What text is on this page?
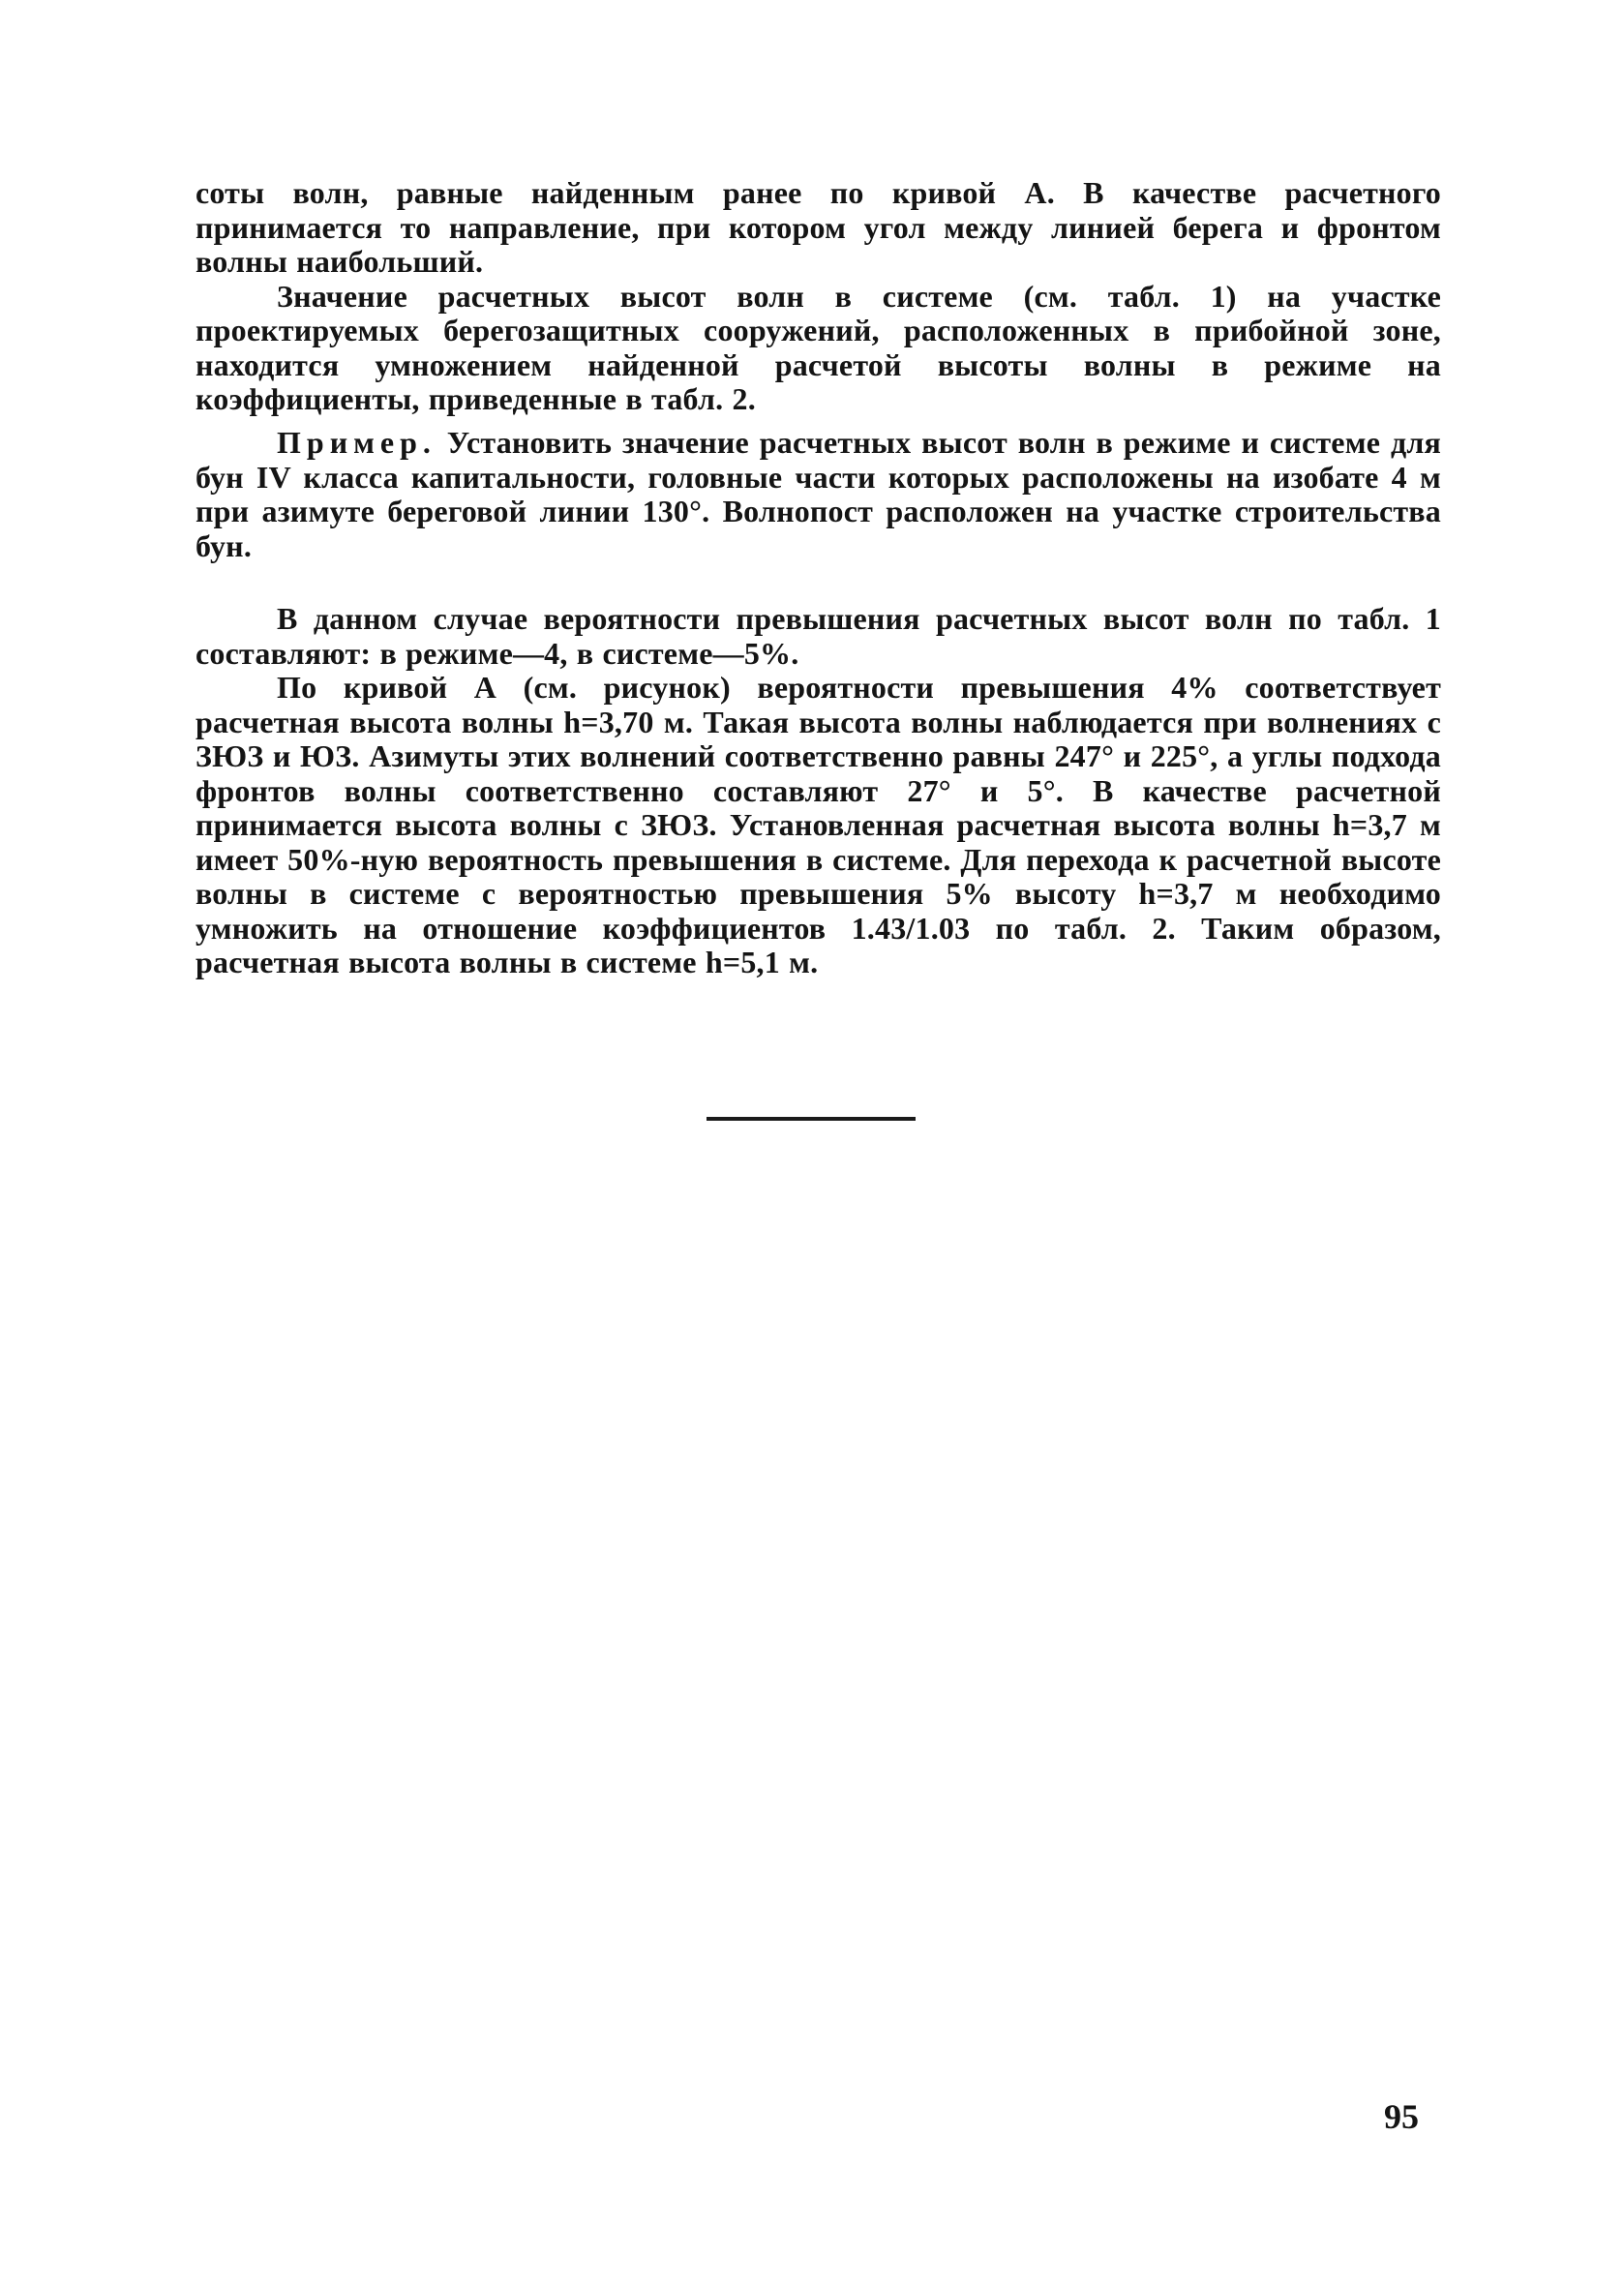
соты волн, равные найденным ранее по кривой А. В качестве расчетного принимается то направление, при котором угол между линией берега и фронтом волны наибольший.

Значение расчетных высот волн в системе (см. табл. 1) на участке проектируемых берегозащитных сооружений, расположенных в прибойной зоне, находится умножением найденной расчетой высоты волны в режиме на коэффициенты, приведенные в табл. 2.

Пример. Установить значение расчетных высот волн в режиме и системе для бун IV класса капитальности, головные части которых расположены на изобате 4 м при азимуте береговой линии 130°. Волнопост расположен на участке строительства бун.

В данном случае вероятности превышения расчетных высот волн по табл. 1 составляют: в режиме—4, в системе—5%.

По кривой А (см. рисунок) вероятности превышения 4% соответствует расчетная высота волны h=3,70 м. Такая высота волны наблюдается при волнениях с ЗЮЗ и ЮЗ. Азимуты этих волнений соответственно равны 247° и 225°, а углы подхода фронтов волны соответственно составляют 27° и 5°. В качестве расчетной принимается высота волны с ЗЮЗ. Установленная расчетная высота волны h=3,7 м имеет 50%-ную вероятность превышения в системе. Для перехода к расчетной высоте волны в системе с вероятностью превышения 5% высоту h=3,7 м необходимо умножить на отношение коэффициентов 1.43/1.03 по табл. 2. Таким образом, расчетная высота волны в системе h=5,1 м.

95
